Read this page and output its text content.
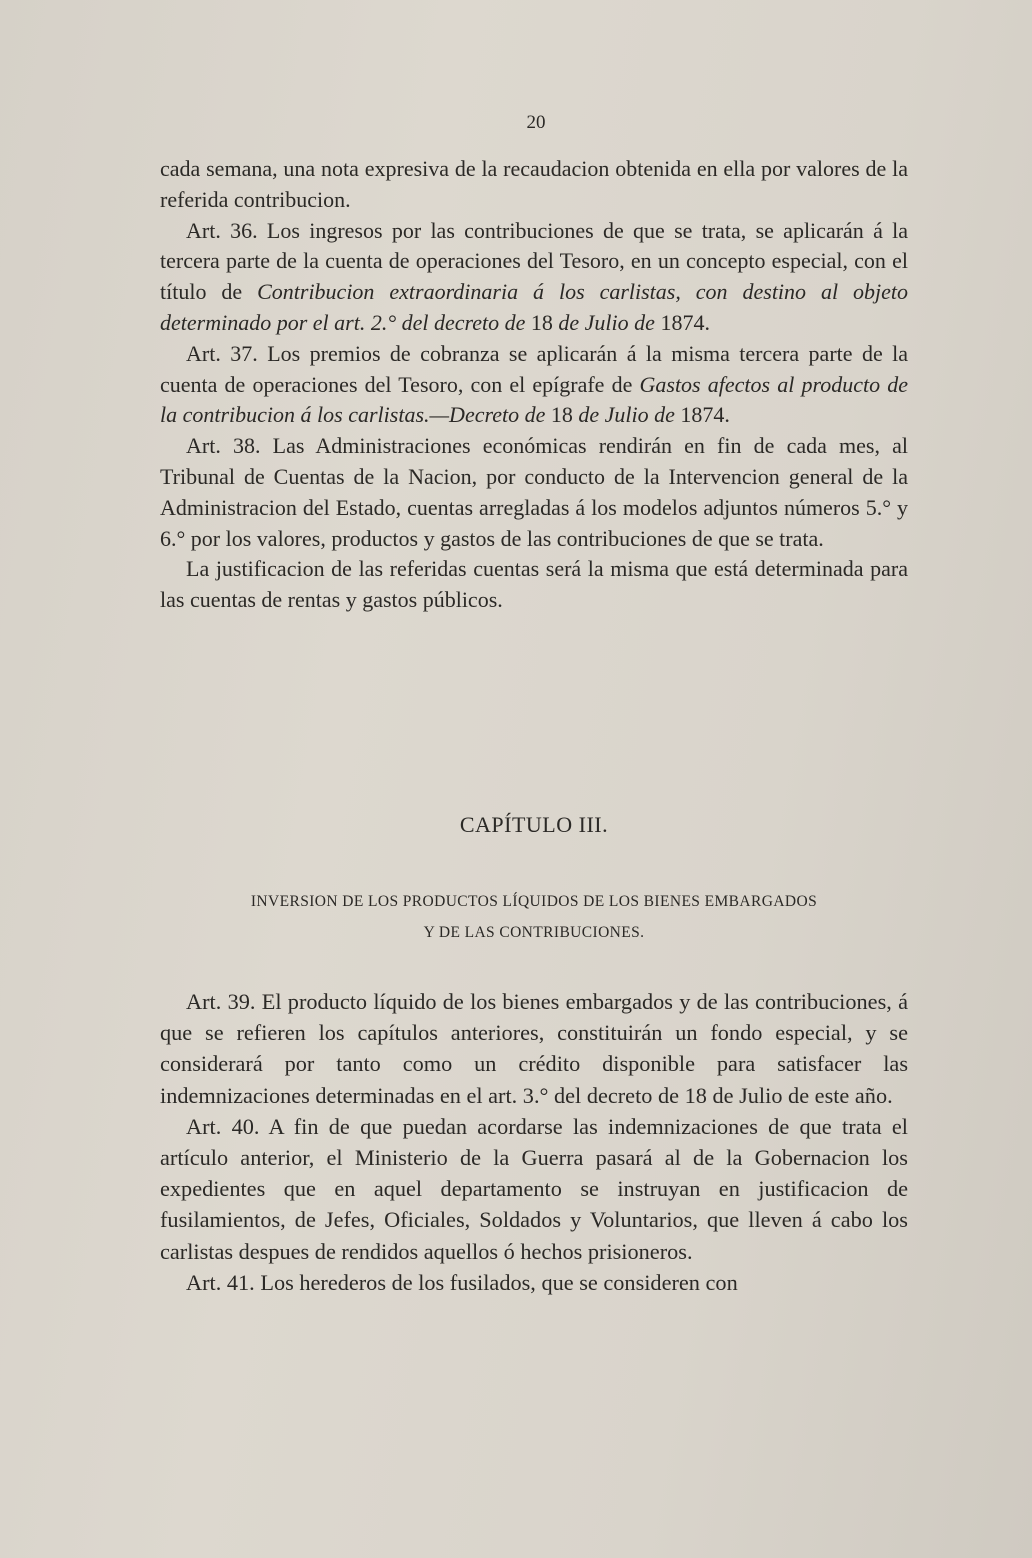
20

cada semana, una nota expresiva de la recaudacion obtenida en ella por valores de la referida contribucion.

Art. 36. Los ingresos por las contribuciones de que se trata, se aplicarán á la tercera parte de la cuenta de operaciones del Tesoro, en un concepto especial, con el título de Contribucion extraordinaria á los carlistas, con destino al objeto determinado por el art. 2.° del decreto de 18 de Julio de 1874.

Art. 37. Los premios de cobranza se aplicarán á la misma tercera parte de la cuenta de operaciones del Tesoro, con el epígrafe de Gastos afectos al producto de la contribucion á los carlistas.—Decreto de 18 de Julio de 1874.

Art. 38. Las Administraciones económicas rendirán en fin de cada mes, al Tribunal de Cuentas de la Nacion, por conducto de la Intervencion general de la Administracion del Estado, cuentas arregladas á los modelos adjuntos números 5.° y 6.° por los valores, productos y gastos de las contribuciones de que se trata.

La justificacion de las referidas cuentas será la misma que está determinada para las cuentas de rentas y gastos públicos.

CAPÍTULO III.
INVERSION DE LOS PRODUCTOS LÍQUIDOS DE LOS BIENES EMBARGADOS
Y DE LAS CONTRIBUCIONES.

Art. 39. El producto líquido de los bienes embargados y de las contribuciones, á que se refieren los capítulos anteriores, constituirán un fondo especial, y se considerará por tanto como un crédito disponible para satisfacer las indemnizaciones determinadas en el art. 3.° del decreto de 18 de Julio de este año.

Art. 40. A fin de que puedan acordarse las indemnizaciones de que trata el artículo anterior, el Ministerio de la Guerra pasará al de la Gobernacion los expedientes que en aquel departamento se instruyan en justificacion de fusilamientos, de Jefes, Oficiales, Soldados y Voluntarios, que lleven á cabo los carlistas despues de rendidos aquellos ó hechos prisioneros.

Art. 41. Los herederos de los fusilados, que se consideren con
